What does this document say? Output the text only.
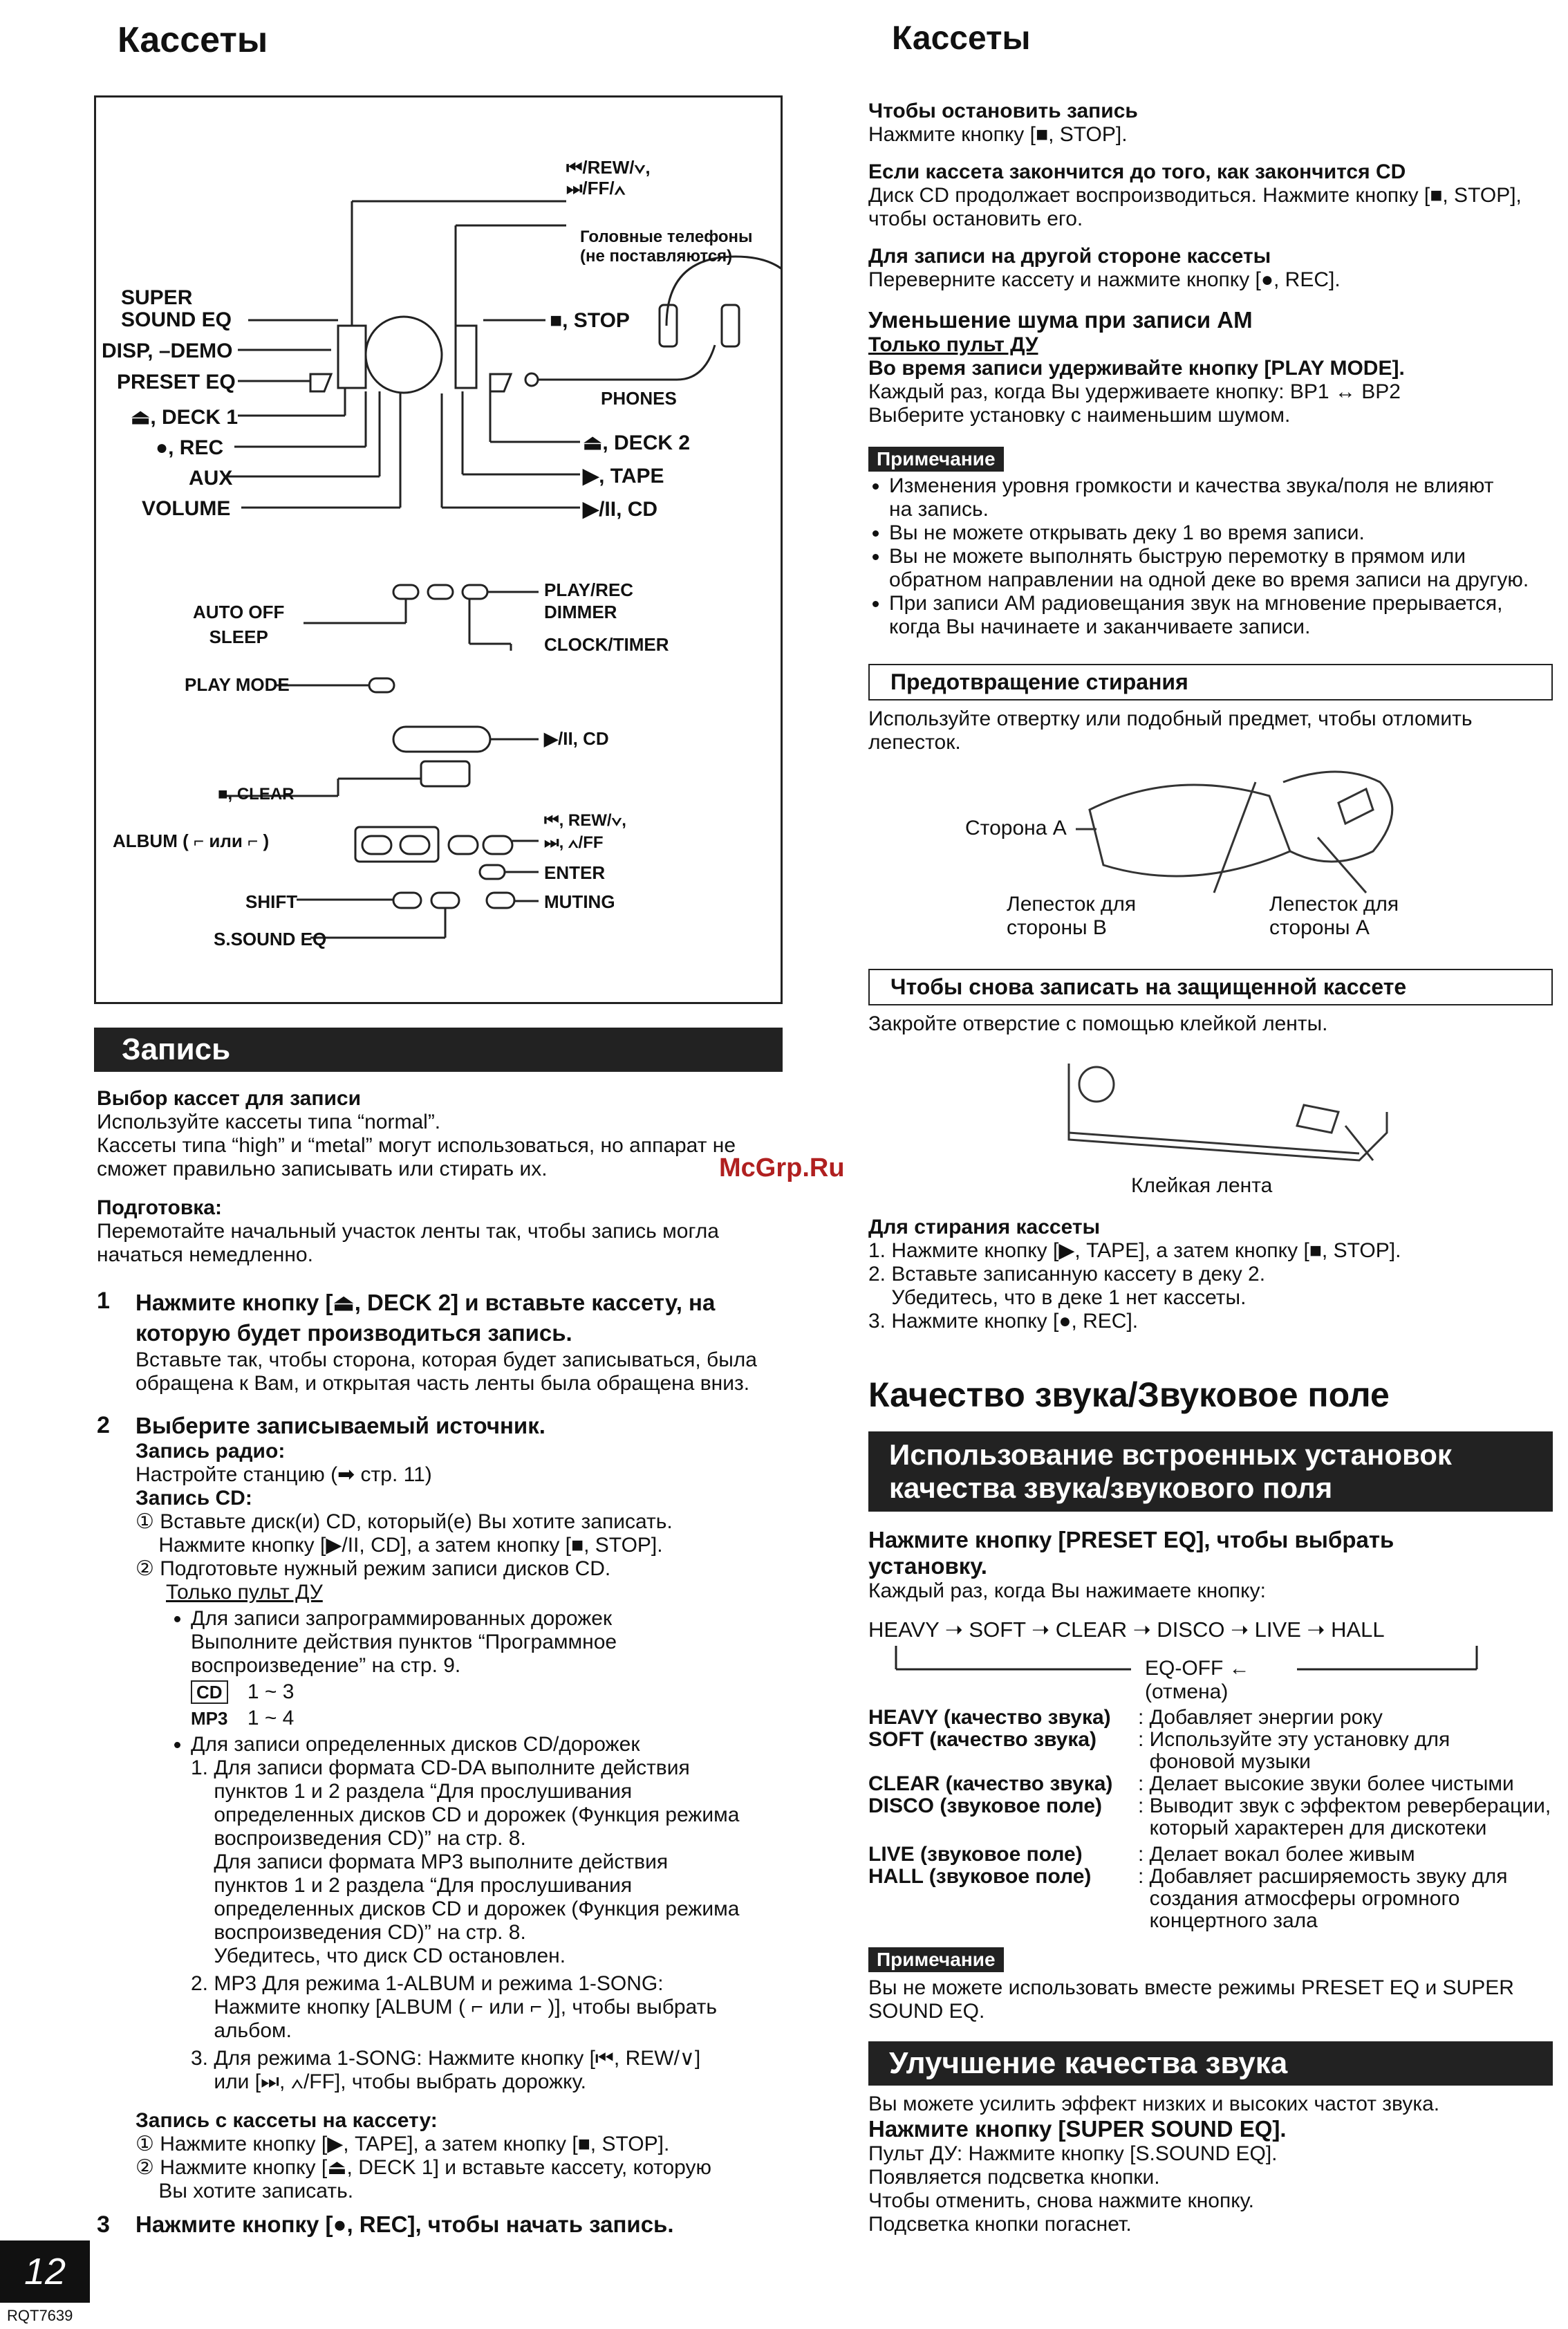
Кассеты
⏮/REW/∨,
⏭/FF/∧
Головные телефоны
(не поставляются)
SUPER
SOUND EQ
DISP, –DEMO
PRESET EQ
⏏, DECK 1
●, REC
AUX
VOLUME
■, STOP
PHONES
⏏, DECK 2
▶, TAPE
▶/II, CD
AUTO OFF
SLEEP
PLAY/REC
DIMMER
CLOCK/TIMER
PLAY MODE
▶/II, CD
■, CLEAR
ALBUM ( ⌐ или ⌐ )
⏮, REW/∨,
⏭, ∧/FF
ENTER
SHIFT	MUTING
S.SOUND EQ
Запись
Выбор кассет для записи
Используйте кассеты типа “normal”.
Кассеты типа “high” и “metal” могут использоваться, но аппарат не
сможет правильно записывать или стирать их.
Подготовка:
Перемотайте начальный участок ленты так, чтобы запись могла
начаться немедленно.
1	Нажмите кнопку [⏏, DECK 2] и вставьте кассету, на
которую будет производиться запись.
Вставьте так, чтобы сторона, которая будет записываться, была
обращена к Вам, и открытая часть ленты была обращена вниз.
2	Выберите записываемый источник.
Запись радио:
Настройте станцию (➡ стр. 11)
Запись CD:
① Вставьте диск(и) CD, который(е) Вы хотите записать.
Нажмите кнопку [▶/II, CD], а затем кнопку [■, STOP].
② Подготовьте нужный режим записи дисков CD.
Только пульт ДУ
• Для записи запрограммированных дорожек
Выполните действия пунктов “Программное
воспроизведение” на стр. 9.
CD 1 ~ 3
MP3 1 ~ 4
• Для записи определенных дисков CD/дорожек
1. Для записи формата CD-DA выполните действия
пунктов 1 и 2 раздела “Для прослушивания
определенных дисков CD и дорожек (Функция режима
воспроизведения CD)” на стр. 8.
Для записи формата MP3 выполните действия
пунктов 1 и 2 раздела “Для прослушивания
определенных дисков CD и дорожек (Функция режима
воспроизведения CD)” на стр. 8.
Убедитесь, что диск CD остановлен.
2. MP3 Для режима 1-ALBUM и режима 1-SONG:
Нажмите кнопку [ALBUM ( ⌐ или ⌐ )], чтобы выбрать
альбом.
3. Для режима 1-SONG: Нажмите кнопку [⏮, REW/∨]
или [⏭, ∧/FF], чтобы выбрать дорожку.
Запись с кассеты на кассету:
① Нажмите кнопку [▶, TAPE], а затем кнопку [■, STOP].
② Нажмите кнопку [⏏, DECK 1] и вставьте кассету, которую
Вы хотите записать.
3	Нажмите кнопку [●, REC], чтобы начать запись.
McGrp.Ru
12
RQT7639
Кассеты
Чтобы остановить запись
Нажмите кнопку [■, STOP].
Если кассета закончится до того, как закончится CD
Диск CD продолжает воспроизводиться. Нажмите кнопку [■, STOP],
чтобы остановить его.
Для записи на другой стороне кассеты
Переверните кассету и нажмите кнопку [●, REC].
Уменьшение шума при записи AM
Только пульт ДУ
Во время записи удерживайте кнопку [PLAY MODE].
Каждый раз, когда Вы удерживаете кнопку: BP1 ↔ BP2
Выберите установку с наименьшим шумом.
Примечание
• Изменения уровня громкости и качества звука/поля не влияют
на запись.
• Вы не можете открывать деку 1 во время записи.
• Вы не можете выполнять быструю перемотку в прямом или
обратном направлении на одной деке во время записи на другую.
• При записи AM радиовещания звук на мгновение прерывается,
когда Вы начинаете и заканчиваете записи.
Предотвращение стирания
Используйте отвертку или подобный предмет, чтобы отломить
лепесток.
Сторона А
Лепесток для
стороны В
Лепесток для
стороны А
Чтобы снова записать на защищенной кассете
Закройте отверстие с помощью клейкой ленты.
Клейкая лента
Для стирания кассеты
1. Нажмите кнопку [▶, TAPE], а затем кнопку [■, STOP].
2. Вставьте записанную кассету в деку 2.
Убедитесь, что в деке 1 нет кассеты.
3. Нажмите кнопку [●, REC].
Качество звука/Звуковое поле
Использование встроенных установок
качества звука/звукового поля
Нажмите кнопку [PRESET EQ], чтобы выбрать
установку.
Каждый раз, когда Вы нажимаете кнопку:
HEAVY ➝ SOFT ➝ CLEAR ➝ DISCO ➝ LIVE ➝ HALL
EQ-OFF ←
(отмена)
HEAVY (качество звука)	: Добавляет энергии року
SOFT (качество звука)	: Используйте эту установку для
фоновой музыки
CLEAR (качество звука)	: Делает высокие звуки более чистыми
DISCO (звуковое поле)	: Выводит звук с эффектом реверберации,
который характерен для дискотеки
LIVE (звуковое поле)	: Делает вокал более живым
HALL (звуковое поле)	: Добавляет расширяемость звуку для
создания атмосферы огромного
концертного зала
Примечание
Вы не можете использовать вместе режимы PRESET EQ и SUPER
SOUND EQ.
Улучшение качества звука
Вы можете усилить эффект низких и высоких частот звука.
Нажмите кнопку [SUPER SOUND EQ].
Пульт ДУ: Нажмите кнопку [S.SOUND EQ].
Появляется подсветка кнопки.
Чтобы отменить, снова нажмите кнопку.
Подсветка кнопки погаснет.
